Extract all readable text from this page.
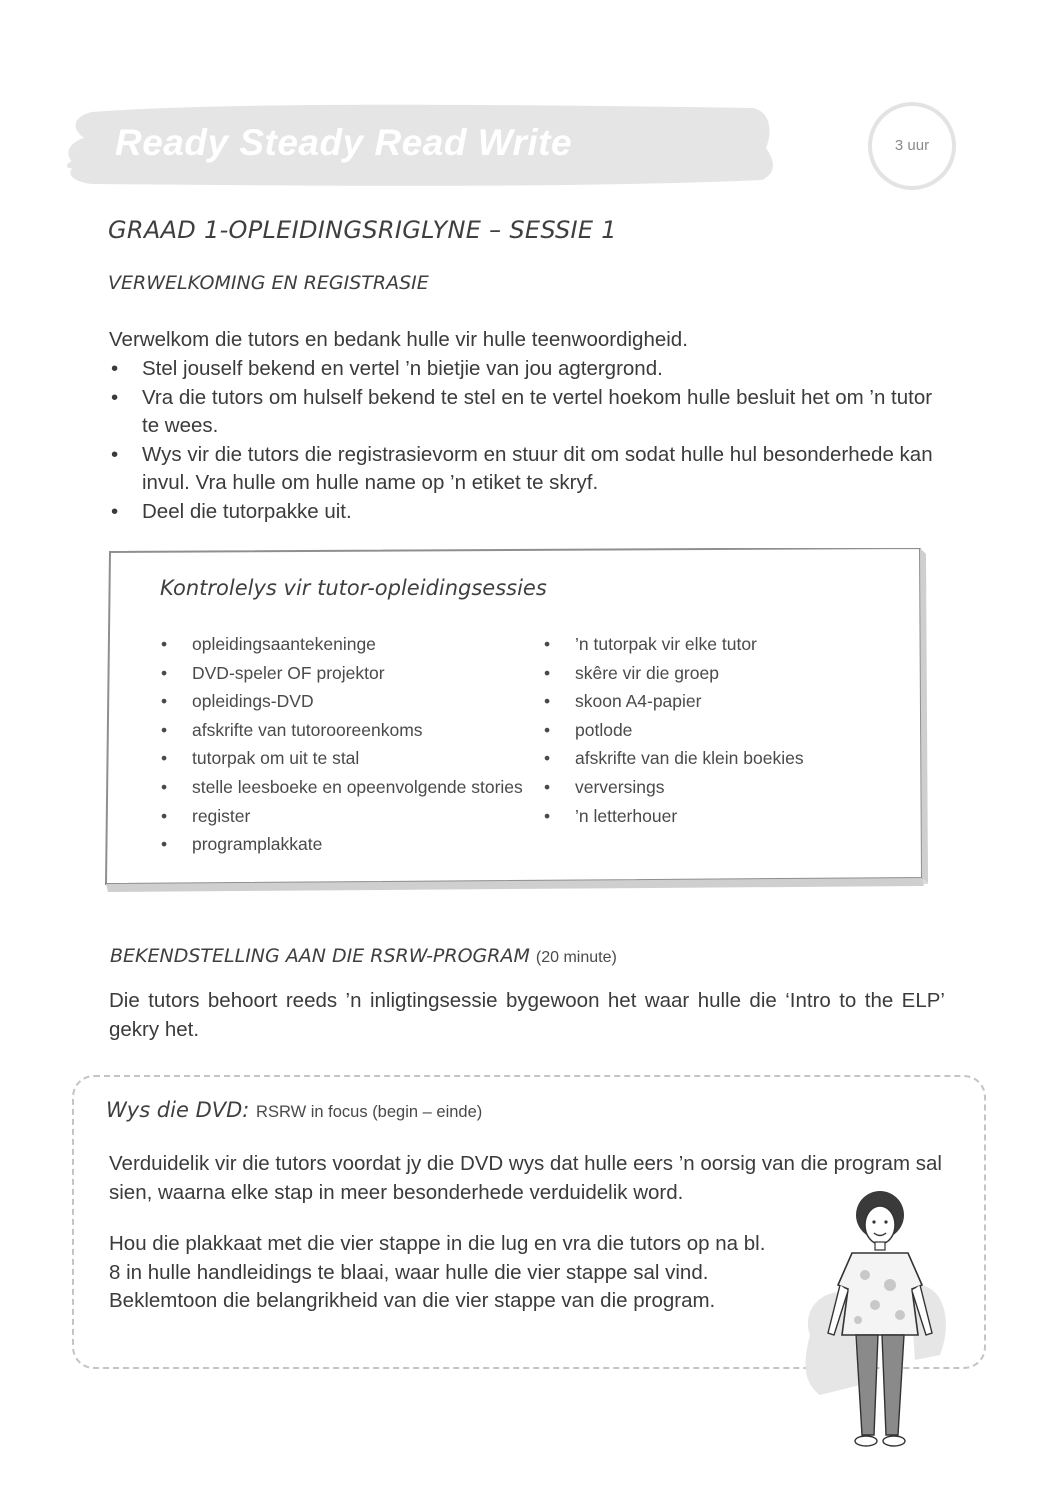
Ready Steady Read Write	3 uur
GRAAD 1-OPLEIDINGSRIGLYNE – SESSIE 1
VERWELKOMING EN REGISTRASIE
Verwelkom die tutors en bedank hulle vir hulle teenwoordigheid.
• Stel jouself bekend en vertel ’n bietjie van jou agtergrond.
• Vra die tutors om hulself bekend te stel en te vertel hoekom hulle besluit het om ’n tutor te wees.
• Wys vir die tutors die registrasievorm en stuur dit om sodat hulle hul besonderhede kan invul. Vra hulle om hulle name op ’n etiket te skryf.
• Deel die tutorpakke uit.
Kontrolelys vir tutor-opleidingsessies
• opleidingsaantekeninge
• DVD-speler OF projektor
• opleidings-DVD
• afskrifte van tutorooreenkoms
• tutorpak om uit te stal
• stelle leesboeke en opeenvolgende stories
• register
• programplakkate
• ’n tutorpak vir elke tutor
• skêre vir die groep
• skoon A4-papier
• potlode
• afskrifte van die klein boekies
• verversings
• ’n letterhouer
BEKENDSTELLING AAN DIE RSRW-PROGRAM (20 minute)
Die tutors behoort reeds ’n inligtingsessie bygewoon het waar hulle die ‘Intro to the ELP’ gekry het.
Wys die DVD: RSRW in focus (begin – einde)
Verduidelik vir die tutors voordat jy die DVD wys dat hulle eers ’n oorsig van die program sal sien, waarna elke stap in meer besonderhede verduidelik word.
Hou die plakkaat met die vier stappe in die lug en vra die tutors op na bl. 8 in hulle handleidings te blaai, waar hulle die vier stappe sal vind. Beklemtoon die belangrikheid van die vier stappe van die program.
